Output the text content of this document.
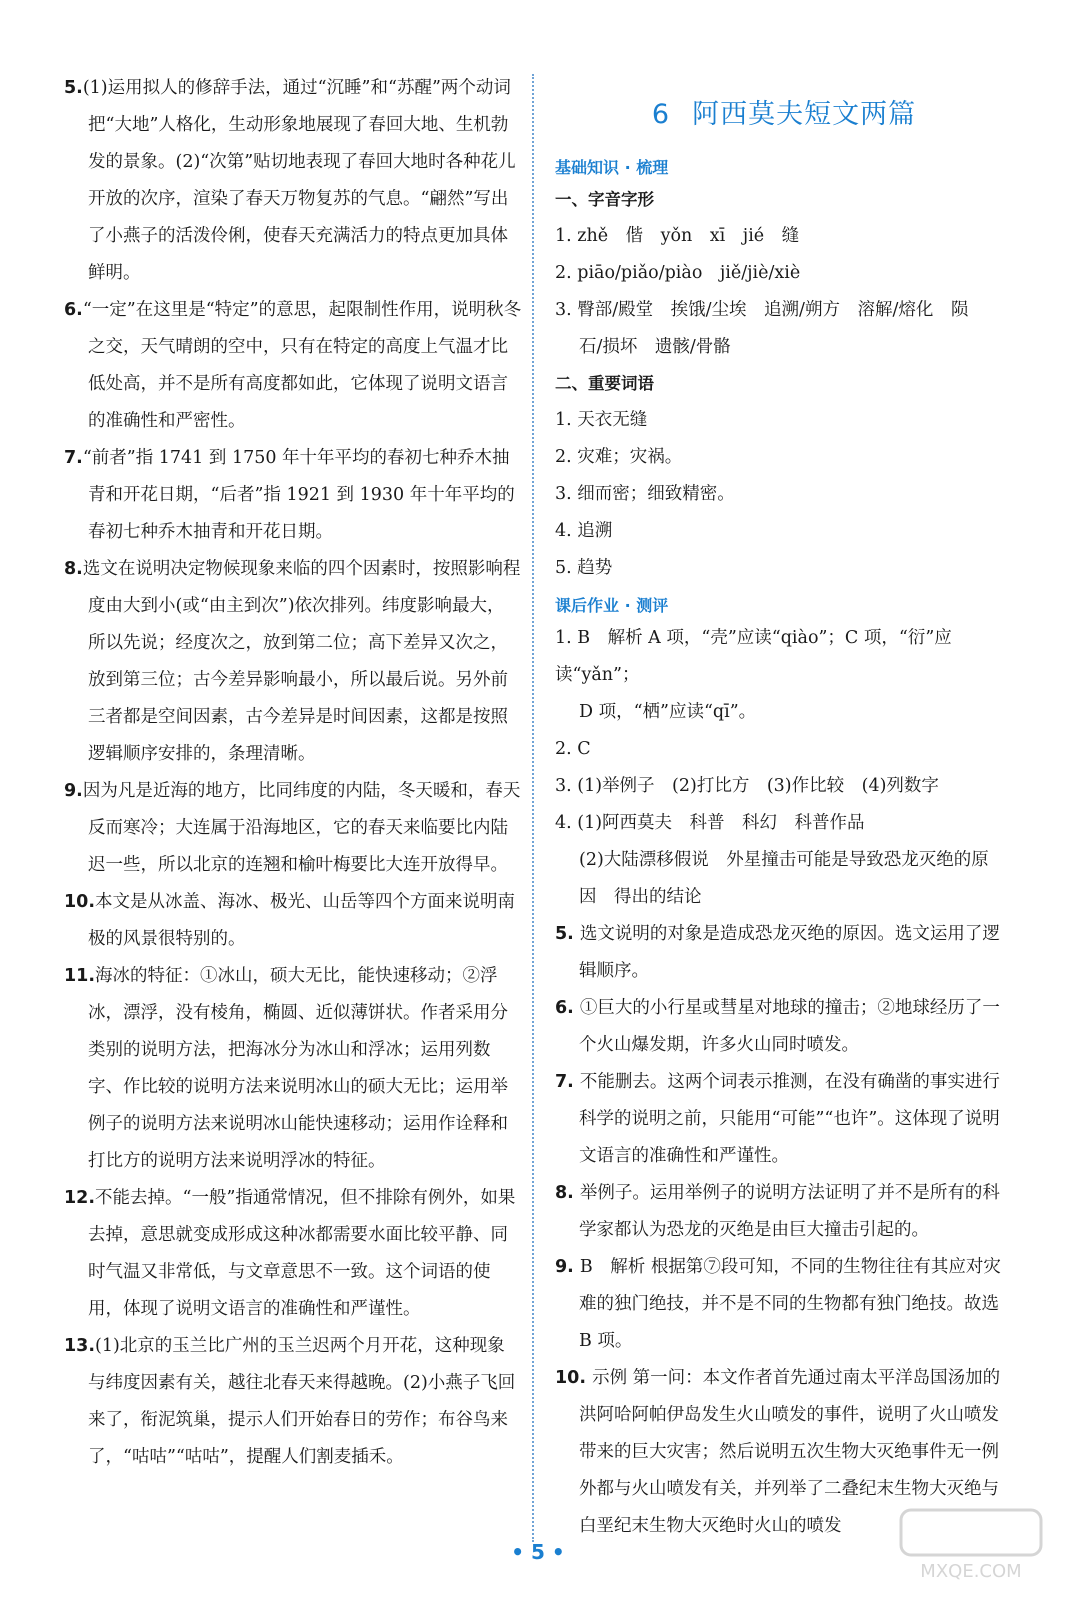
5.(1)运用拟人的修辞手法，通过“沉睡”和“苏醒”两个动词把“大地”人格化，生动形象地展现了春回大地、生机勃发的景象。(2)“次第”贴切地表现了春回大地时各种花儿开放的次序，渲染了春天万物复苏的气息。“翩然”写出了小燕子的活泼伶俐，使春天充满活力的特点更加具体鲜明。
6.“一定”在这里是“特定”的意思，起限制性作用，说明秋冬之交，天气晴朗的空中，只有在特定的高度上气温才比低处高，并不是所有高度都如此，它体现了说明文语言的准确性和严密性。
7.“前者”指 1741 到 1750 年十年平均的春初七种乔木抽青和开花日期，“后者”指 1921 到 1930 年十年平均的春初七种乔木抽青和开花日期。
8.选文在说明决定物候现象来临的四个因素时，按照影响程度由大到小(或“由主到次”)依次排列。纬度影响最大，所以先说；经度次之，放到第二位；高下差异又次之，放到第三位；古今差异影响最小，所以最后说。另外前三者都是空间因素，古今差异是时间因素，这都是按照逻辑顺序安排的，条理清晰。
9.因为凡是近海的地方，比同纬度的内陆，冬天暖和，春天反而寒冷；大连属于沿海地区，它的春天来临要比内陆迟一些，所以北京的连翘和榆叶梅要比大连开放得早。
10.本文是从冰盖、海冰、极光、山岳等四个方面来说明南极的风景很特别的。
11.海冰的特征：①冰山，硕大无比，能快速移动；②浮冰，漂浮，没有棱角，椭圆、近似薄饼状。作者采用分类别的说明方法，把海冰分为冰山和浮冰；运用列数字、作比较的说明方法来说明冰山的硕大无比；运用举例子的说明方法来说明冰山能快速移动；运用作诠释和打比方的说明方法来说明浮冰的特征。
12.不能去掉。“一般”指通常情况，但不排除有例外，如果去掉，意思就变成形成这种冰都需要水面比较平静、同时气温又非常低，与文章意思不一致。这个词语的使用，体现了说明文语言的准确性和严谨性。
13.(1)北京的玉兰比广州的玉兰迟两个月开花，这种现象与纬度因素有关，越往北春天来得越晚。(2)小燕子飞回来了，衔泥筑巢，提示人们开始春日的劳作；布谷鸟来了，“咕咕”“咕咕”，提醒人们割麦插禾。
6 阿西莫夫短文两篇
基础知识 · 梳理
一、字音字形
1. zhě　偕　yǒn　xī　jié　缝
2. piāo/piǎo/piào　jiě/jiè/xiè
3. 臀部/殿堂　挨饿/尘埃　追溯/朔方　溶解/熔化　陨
石/损坏　遗骸/骨骼
二、重要词语
1. 天衣无缝
2. 灾难；灾祸。
3. 细而密；细致精密。
4. 追溯
5. 趋势
课后作业 · 测评
1. B　解析 A 项，“壳”应读“qiào”；C 项，“衍”应读“yǎn”；
D 项，“栖”应读“qī”。
2. C
3. (1)举例子　(2)打比方　(3)作比较　(4)列数字
4. (1)阿西莫夫　科普　科幻　科普作品
(2)大陆漂移假说　外星撞击可能是导致恐龙灭绝的原
因　得出的结论
5. 选文说明的对象是造成恐龙灭绝的原因。选文运用了逻辑顺序。
6. ①巨大的小行星或彗星对地球的撞击；②地球经历了一个火山爆发期，许多火山同时喷发。
7. 不能删去。这两个词表示推测，在没有确凿的事实进行科学的说明之前，只能用“可能”“也许”。这体现了说明文语言的准确性和严谨性。
8. 举例子。运用举例子的说明方法证明了并不是所有的科学家都认为恐龙的灭绝是由巨大撞击引起的。
9. B　解析 根据第⑦段可知，不同的生物往往有其应对灾难的独门绝技，并不是不同的生物都有独门绝技。故选 B 项。
10. 示例 第一问：本文作者首先通过南太平洋岛国汤加的洪阿哈阿帕伊岛发生火山喷发的事件，说明了火山喷发带来的巨大灾害；然后说明五次生物大灭绝事件无一例外都与火山喷发有关，并列举了二叠纪末生物大灭绝与白垩纪末生物大灭绝时火山的喷发
• 5 •
MXQE.COM
